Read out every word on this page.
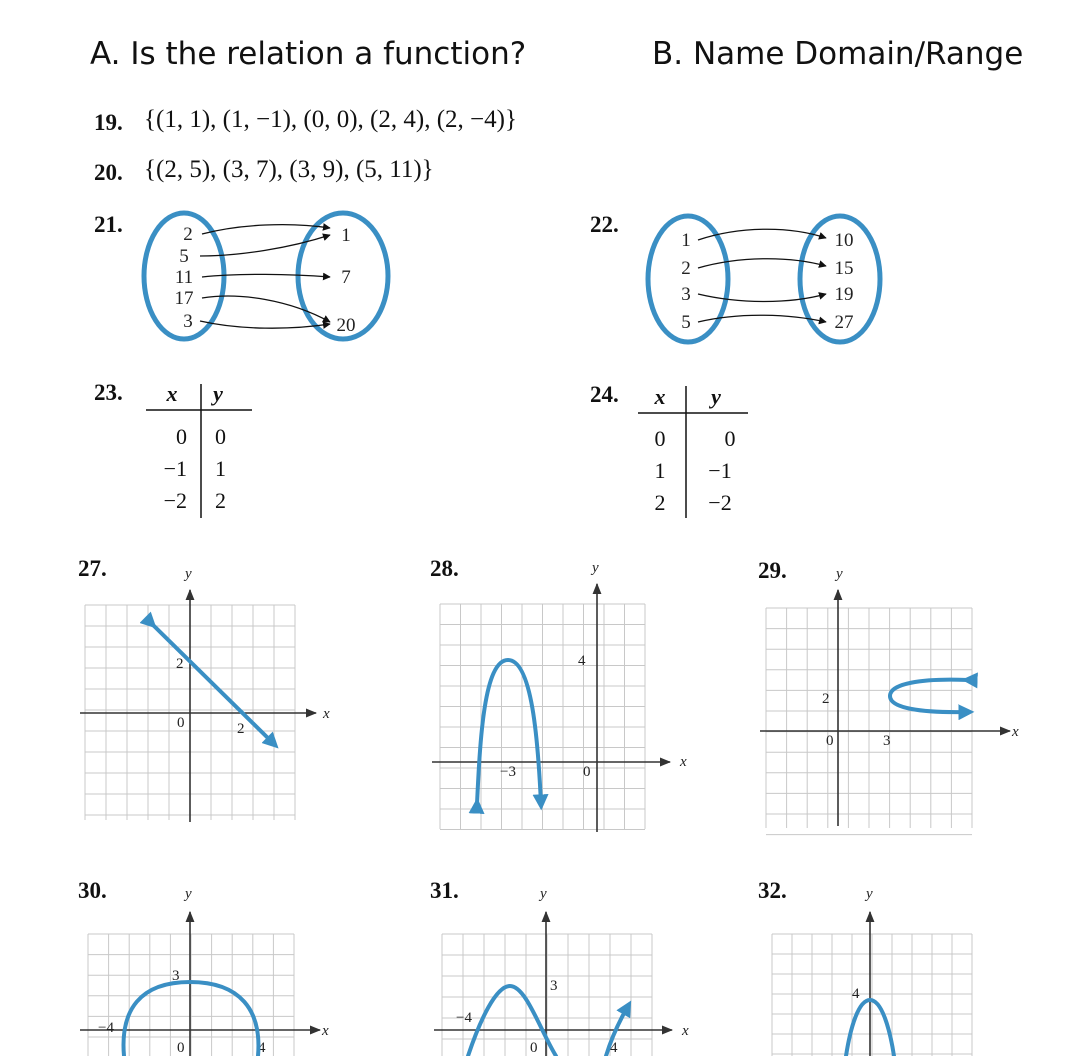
A. Is the relation a function?	B. Name Domain/Range
19. {(1, 1), (1, −1), (0, 0), (2, 4), (2, −4)}
20. {(2, 5), (3, 7), (3, 9), (5, 11)}
21.	22.
23.	24.
27.	28.	29.
30.	31.	32.
2
5
11
17
3
1
7
20
1
2
3
5
10
15
19
27
x y
0 0
−1 1
−2 2
x y
0	0
1 −1
2 −2
x
y
2
0	2
x
y
4
−3	0
x
y
2
0	3
x
y
3
−4
0	4
x
y
3
−4
0	4
y
4
